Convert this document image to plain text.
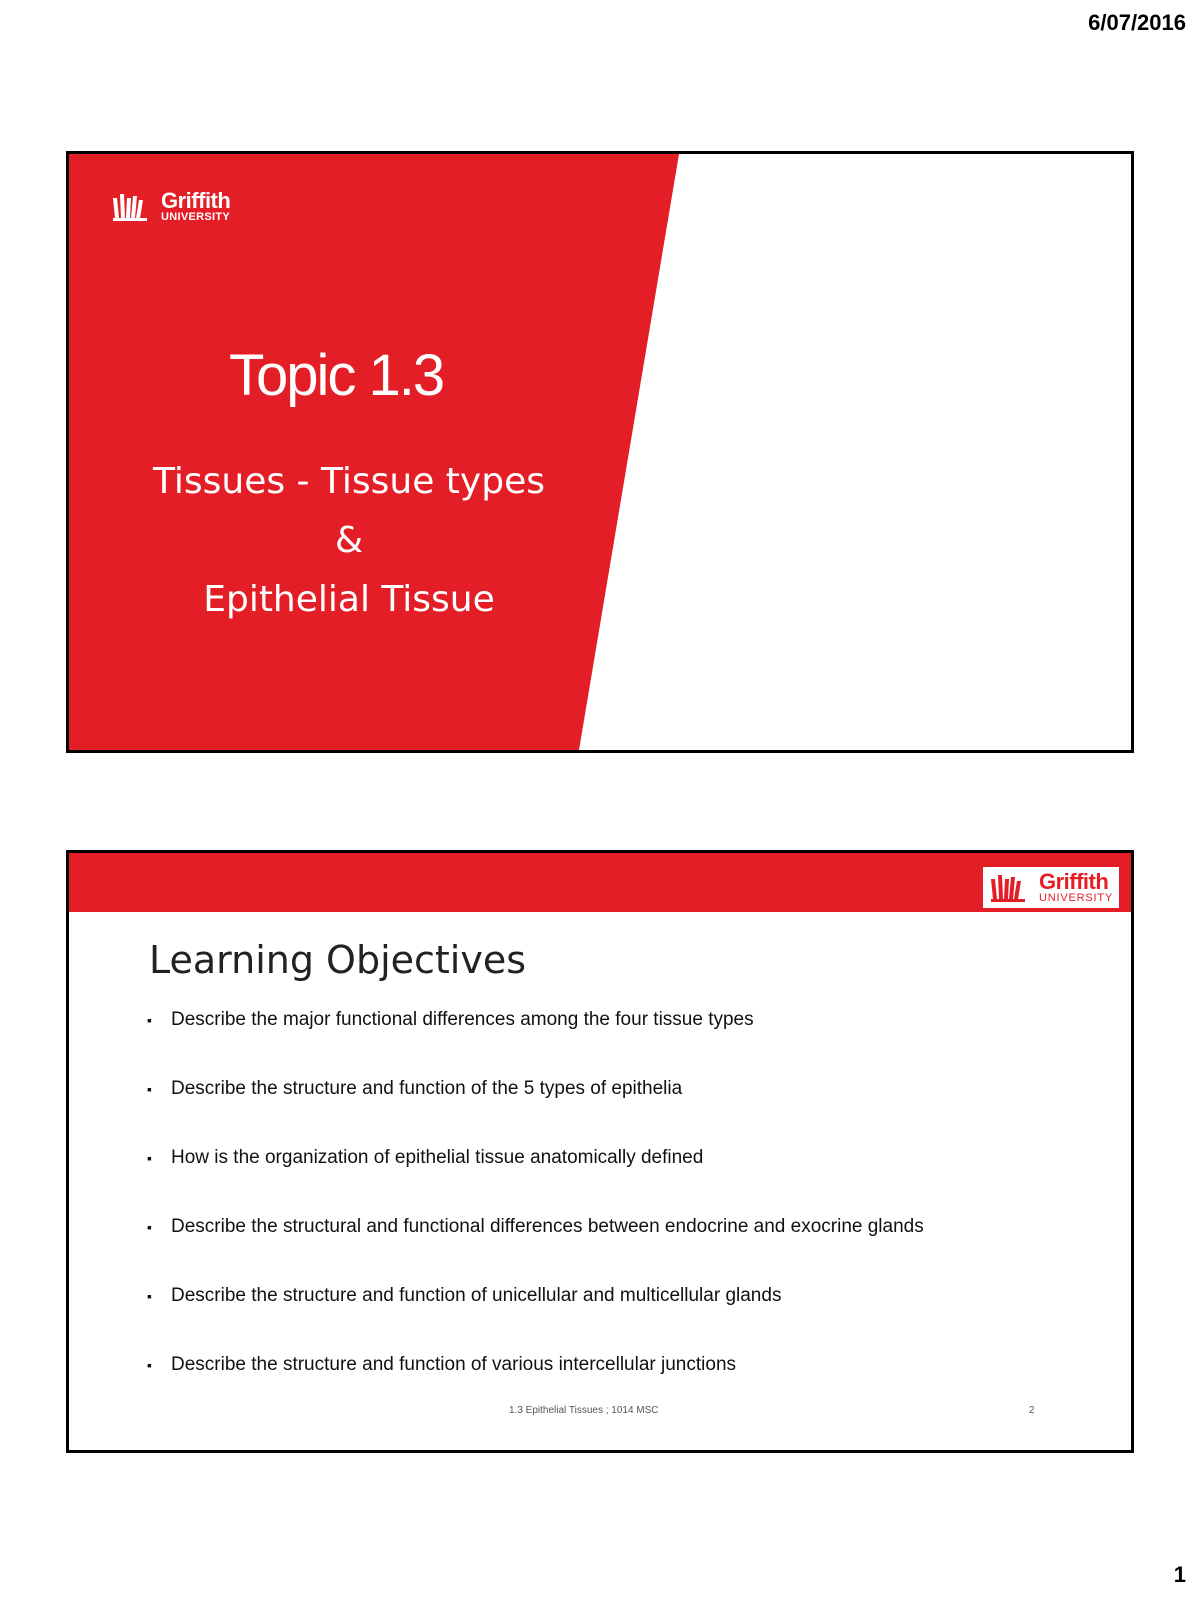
6/07/2016
Griffith
UNIVERSITY
Topic 1.3
Tissues - Tissue types
&
Epithelial Tissue
Griffith
UNIVERSITY
Learning Objectives
▪	Describe the major functional differences among the four tissue types
▪	Describe the structure and function of the 5 types of epithelia
▪	How is the organization of epithelial tissue anatomically defined
▪	Describe the structural and functional differences between endocrine and exocrine glands
▪	Describe the structure and function of unicellular and multicellular glands
▪	Describe the structure and function of various intercellular junctions
1.3 Epithelial Tissues ; 1014 MSC	2
1
